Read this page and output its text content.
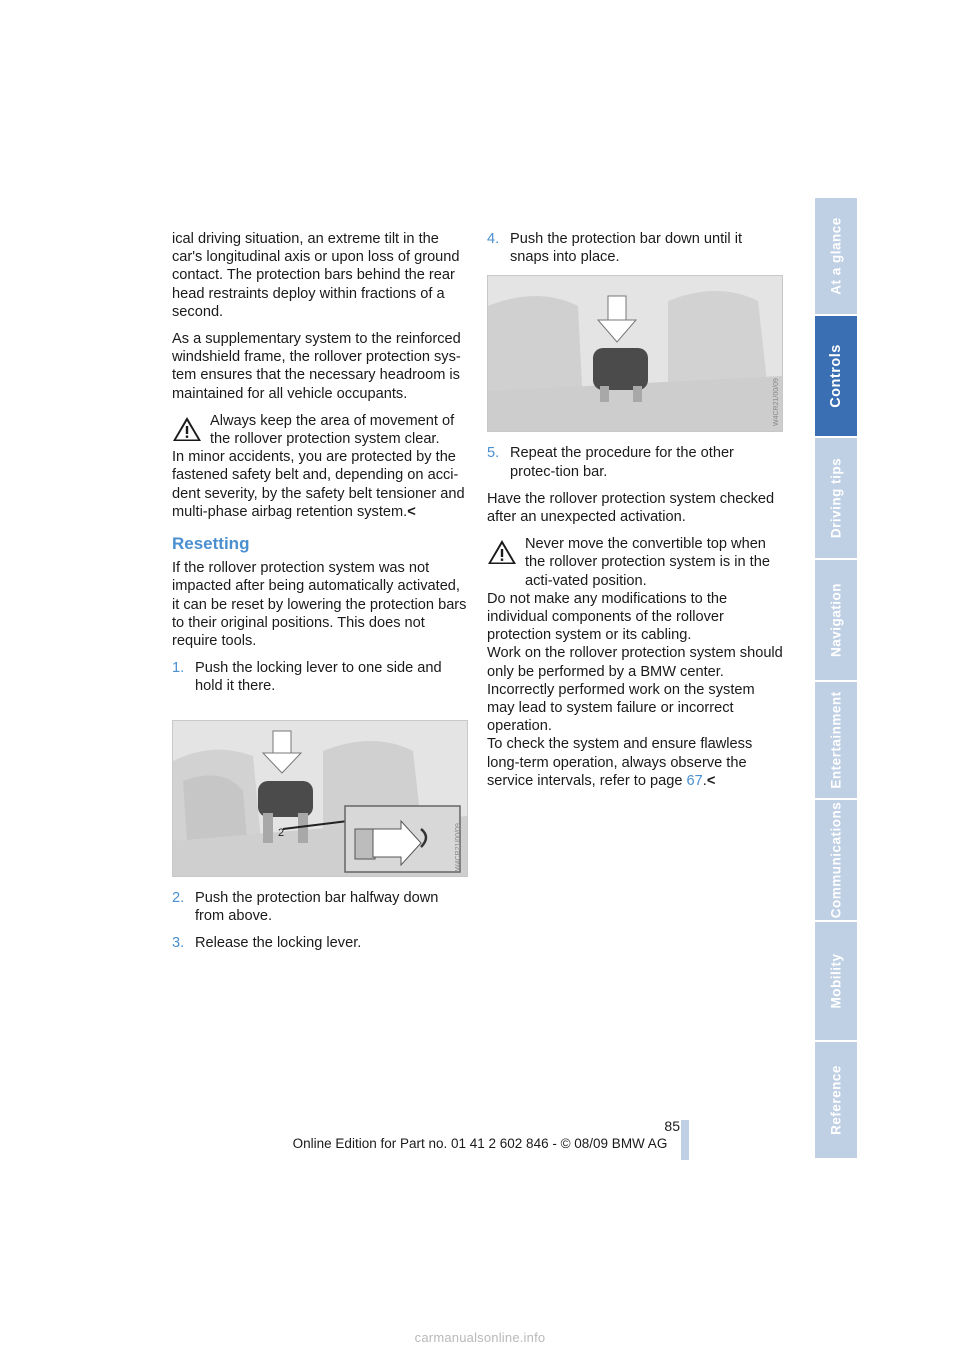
ical driving situation, an extreme tilt in the car's longitudinal axis or upon loss of ground contact. The protection bars behind the rear head restraints deploy within fractions of a second.

As a supplementary system to the reinforced windshield frame, the rollover protection sys-tem ensures that the necessary headroom is maintained for all vehicle occupants.

Always keep the area of movement of the rollover protection system clear.
In minor accidents, you are protected by the fastened safety belt and, depending on acci-dent severity, by the safety belt tensioner and multi-phase airbag retention system.<

Resetting

If the rollover protection system was not impacted after being automatically activated, it can be reset by lowering the protection bars to their original positions. This does not require tools.

1. Push the locking lever to one side and hold it there.
2	W4CR21/00/09
2. Push the protection bar halfway down from above.
3. Release the locking lever.
4. Push the protection bar down until it snaps into place.
W4CR21/00/09
5. Repeat the procedure for the other protec-tion bar.

Have the rollover protection system checked after an unexpected activation.

Never move the convertible top when the rollover protection system is in the acti-vated position.
Do not make any modifications to the individual components of the rollover protection system or its cabling.
Work on the rollover protection system should only be performed by a BMW center. Incorrectly performed work on the system may lead to system failure or incorrect operation.
To check the system and ensure flawless long-term operation, always observe the service intervals, refer to page 67.<
At a glance
Controls
Driving tips
Navigation
Entertainment
Communications
Mobility
Reference
85
Online Edition for Part no. 01 41 2 602 846 - © 08/09 BMW AG
carmanualsonline.info
